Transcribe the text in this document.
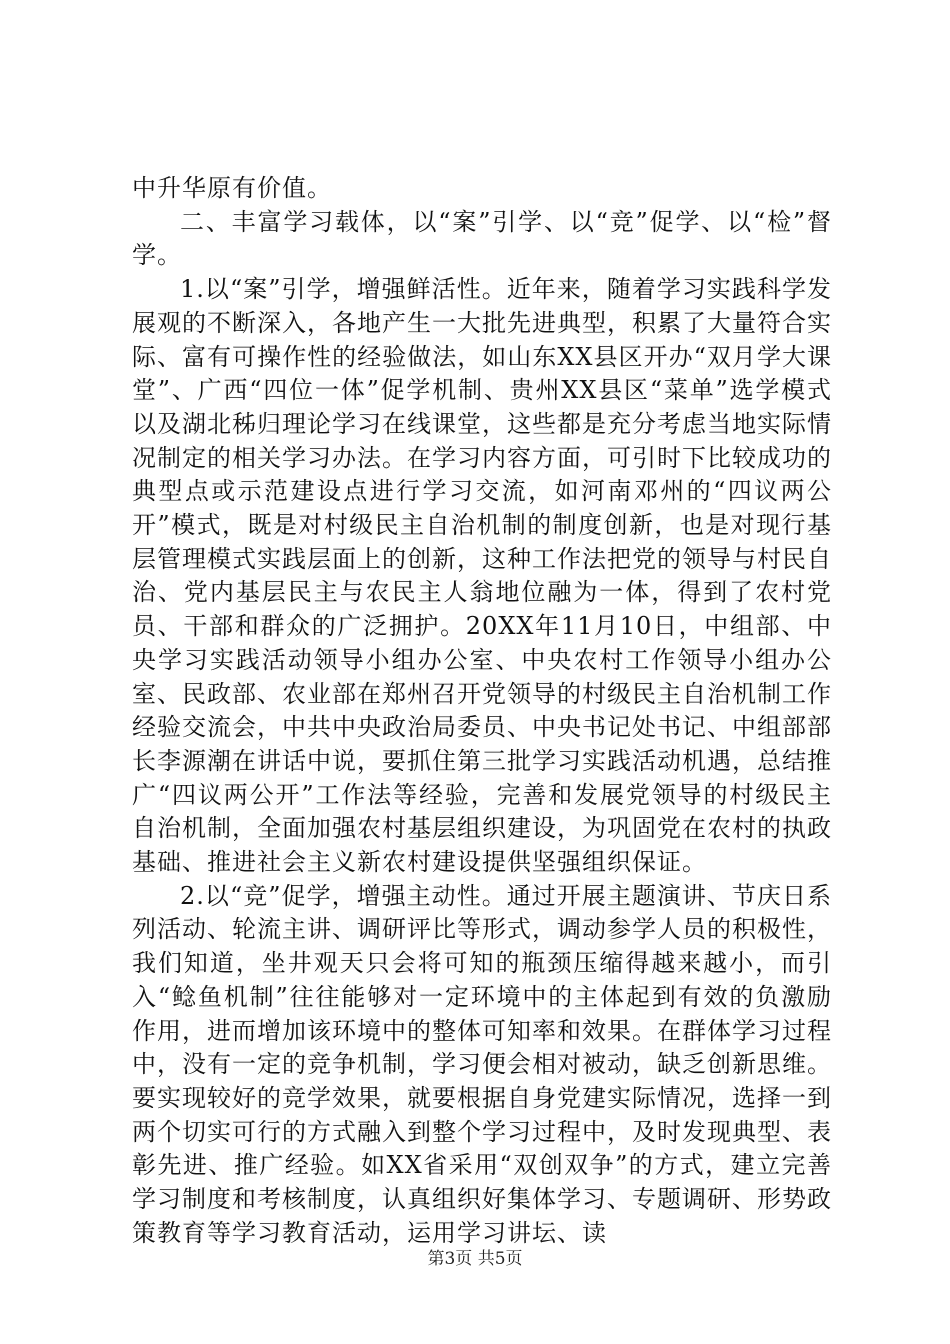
中升华原有价值。

二、丰富学习载体，以“案”引学、以“竞”促学、以“检”督学。

1.以“案”引学，增强鲜活性。近年来，随着学习实践科学发展观的不断深入，各地产生一大批先进典型，积累了大量符合实际、富有可操作性的经验做法，如山东XX县区开办“双月学大课堂”、广西“四位一体”促学机制、贵州XX县区“菜单”选学模式以及湖北秭归理论学习在线课堂，这些都是充分考虑当地实际情况制定的相关学习办法。在学习内容方面，可引时下比较成功的典型点或示范建设点进行学习交流，如河南邓州的“四议两公开”模式，既是对村级民主自治机制的制度创新，也是对现行基层管理模式实践层面上的创新，这种工作法把党的领导与村民自治、党内基层民主与农民主人翁地位融为一体，得到了农村党员、干部和群众的广泛拥护。20XX年11月10日，中组部、中央学习实践活动领导小组办公室、中央农村工作领导小组办公室、民政部、农业部在郑州召开党领导的村级民主自治机制工作经验交流会，中共中央政治局委员、中央书记处书记、中组部部长李源潮在讲话中说，要抓住第三批学习实践活动机遇，总结推广“四议两公开”工作法等经验，完善和发展党领导的村级民主自治机制，全面加强农村基层组织建设，为巩固党在农村的执政基础、推进社会主义新农村建设提供坚强组织保证。

2.以“竞”促学，增强主动性。通过开展主题演讲、节庆日系列活动、轮流主讲、调研评比等形式，调动参学人员的积极性，我们知道，坐井观天只会将可知的瓶颈压缩得越来越小，而引入“鲶鱼机制”往往能够对一定环境中的主体起到有效的负激励作用，进而增加该环境中的整体可知率和效果。在群体学习过程中，没有一定的竞争机制，学习便会相对被动，缺乏创新思维。要实现较好的竞学效果，就要根据自身党建实际情况，选择一到两个切实可行的方式融入到整个学习过程中，及时发现典型、表彰先进、推广经验。如XX省采用“双创双争”的方式，建立完善学习制度和考核制度，认真组织好集体学习、专题调研、形势政策教育等学习教育活动，运用学习讲坛、读

第3页 共5页
